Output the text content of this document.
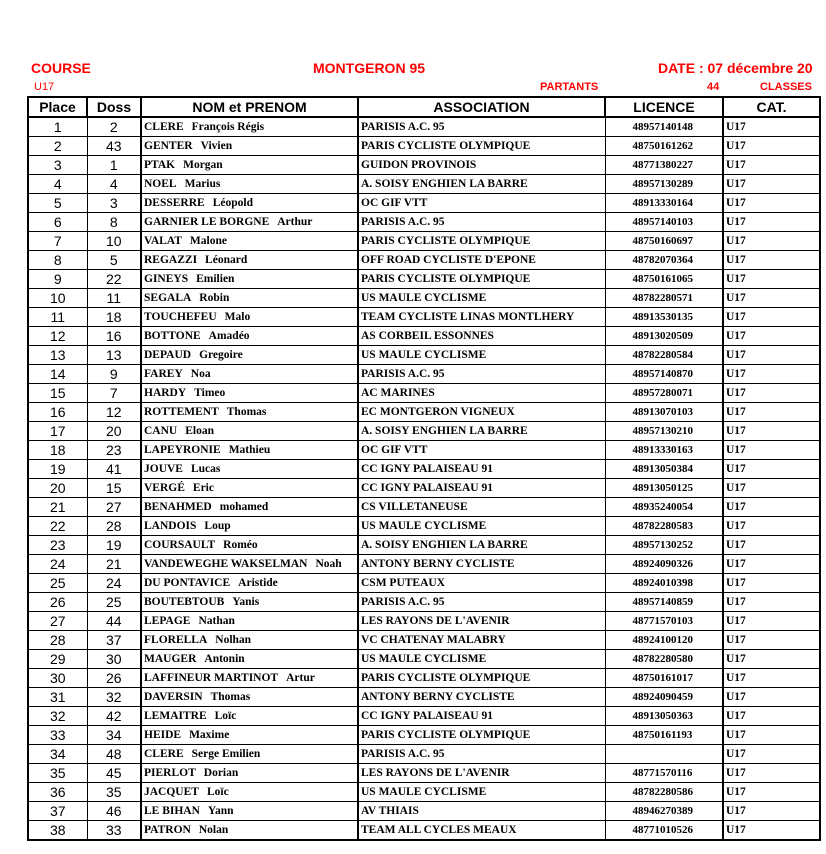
COURSE	MONTGERON 95	DATE : 07 décembre 20
U17	PARTANTS	44	CLASSES
Place	Doss	NOM et PRENOM	ASSOCIATION	LICENCE	CAT.
1	2	CLERE François Régis	PARISIS A.C. 95	48957140148	U17
2	43	GENTER Vivien	PARIS CYCLISTE OLYMPIQUE	48750161262	U17
3	1	PTAK Morgan	GUIDON PROVINOIS	48771380227	U17
4	4	NOEL Marius	A. SOISY ENGHIEN LA BARRE	48957130289	U17
5	3	DESSERRE Léopold	OC GIF VTT	48913330164	U17
6	8	GARNIER LE BORGNE Arthur	PARISIS A.C. 95	48957140103	U17
7	10	VALAT Malone	PARIS CYCLISTE OLYMPIQUE	48750160697	U17
8	5	REGAZZI Léonard	OFF ROAD CYCLISTE D'EPONE	48782070364	U17
9	22	GINEYS Emilien	PARIS CYCLISTE OLYMPIQUE	48750161065	U17
10	11	SEGALA Robin	US MAULE CYCLISME	48782280571	U17
11	18	TOUCHEFEU Malo	TEAM CYCLISTE LINAS MONTLHERY	48913530135	U17
12	16	BOTTONE Amadéo	AS CORBEIL ESSONNES	48913020509	U17
13	13	DEPAUD Gregoire	US MAULE CYCLISME	48782280584	U17
14	9	FAREY Noa	PARISIS A.C. 95	48957140870	U17
15	7	HARDY Timeo	AC MARINES	48957280071	U17
16	12	ROTTEMENT Thomas	EC MONTGERON VIGNEUX	48913070103	U17
17	20	CANU Eloan	A. SOISY ENGHIEN LA BARRE	48957130210	U17
18	23	LAPEYRONIE Mathieu	OC GIF VTT	48913330163	U17
19	41	JOUVE Lucas	CC IGNY PALAISEAU 91	48913050384	U17
20	15	VERGÉ Eric	CC IGNY PALAISEAU 91	48913050125	U17
21	27	BENAHMED mohamed	CS VILLETANEUSE	48935240054	U17
22	28	LANDOIS Loup	US MAULE CYCLISME	48782280583	U17
23	19	COURSAULT Roméo	A. SOISY ENGHIEN LA BARRE	48957130252	U17
24	21	VANDEWEGHE WAKSELMAN Noah	ANTONY BERNY CYCLISTE	48924090326	U17
25	24	DU PONTAVICE Aristide	CSM PUTEAUX	48924010398	U17
26	25	BOUTEBTOUB Yanis	PARISIS A.C. 95	48957140859	U17
27	44	LEPAGE Nathan	LES RAYONS DE L'AVENIR	48771570103	U17
28	37	FLORELLA Nolhan	VC CHATENAY MALABRY	48924100120	U17
29	30	MAUGER Antonin	US MAULE CYCLISME	48782280580	U17
30	26	LAFFINEUR MARTINOT Artur	PARIS CYCLISTE OLYMPIQUE	48750161017	U17
31	32	DAVERSIN Thomas	ANTONY BERNY CYCLISTE	48924090459	U17
32	42	LEMAITRE Loïc	CC IGNY PALAISEAU 91	48913050363	U17
33	34	HEIDE Maxime	PARIS CYCLISTE OLYMPIQUE	48750161193	U17
34	48	CLERE Serge Emilien	PARISIS A.C. 95		U17
35	45	PIERLOT Dorian	LES RAYONS DE L'AVENIR	48771570116	U17
36	35	JACQUET Loïc	US MAULE CYCLISME	48782280586	U17
37	46	LE BIHAN Yann	AV THIAIS	48946270389	U17
38	33	PATRON Nolan	TEAM ALL CYCLES MEAUX	48771010526	U17
